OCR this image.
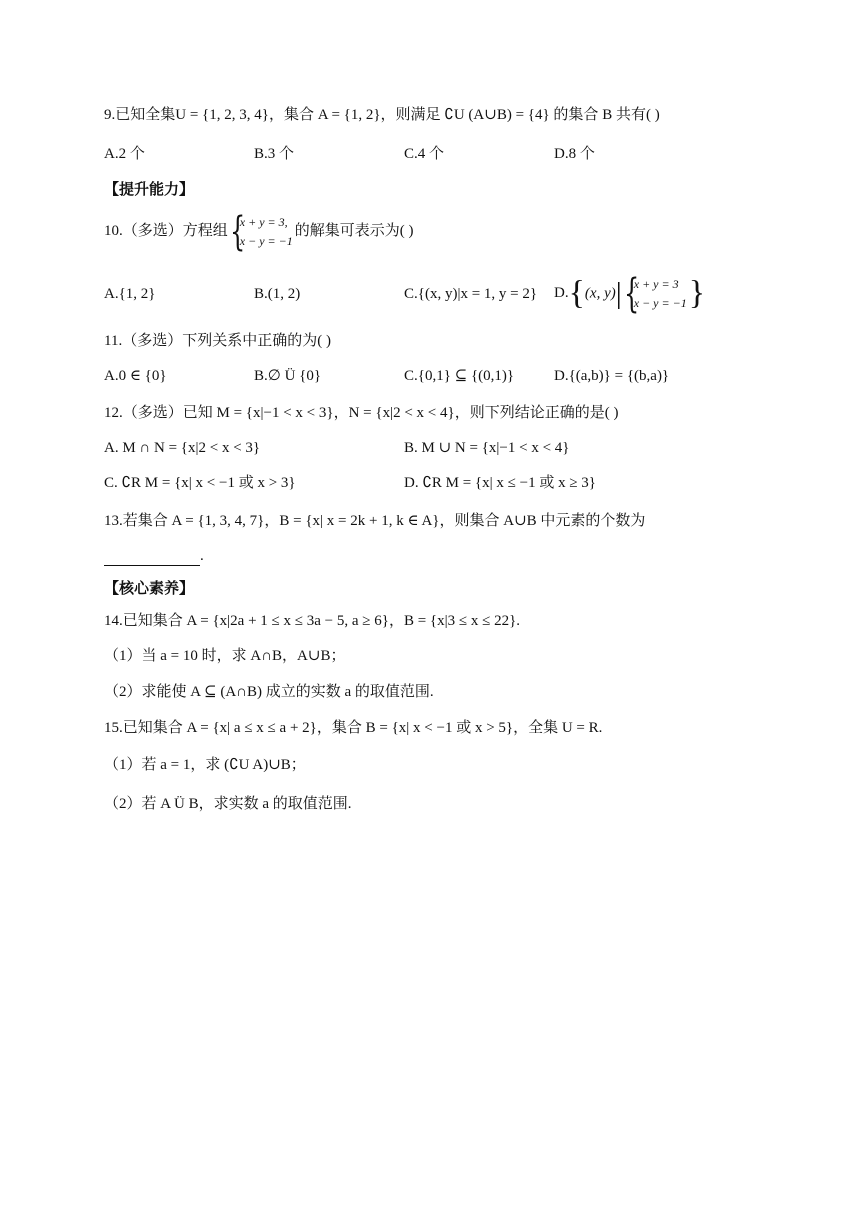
9.已知全集U = {1, 2, 3, 4}，集合 A = {1, 2}，则满足 ∁U (A∪B) = {4} 的集合 B 共有( )
A.2 个	B.3 个	C.4 个	D.8 个
【提升能力】
10.（多选）方程组 {
x + y = 3,
x − y = −1
的解集可表示为( )
A.{1, 2}	B.(1, 2)	C.{(x, y)|x = 1, y = 2} D.{(x, y)| {
x + y = 3
x − y = −1 }
11.（多选）下列关系中正确的为( )
A.0 ∈ {0}	B.∅ Ü {0}	C.{0,1} ⊆ {(0,1)}	D.{(a,b)} = {(b,a)}
12.（多选）已知 M = {x|−1 < x < 3}，N = {x|2 < x < 4}，则下列结论正确的是( )
A. M ∩ N = {x|2 < x < 3}	B. M ∪ N = {x|−1 < x < 4}
C. ∁R M = {x| x < −1 或 x > 3}	D. ∁R M = {x| x ≤ −1 或 x ≥ 3}
13.若集合 A = {1, 3, 4, 7}，B = {x| x = 2k + 1, k ∈ A}，则集合 A∪B 中元素的个数为
.
【核心素养】
14.已知集合 A = {x|2a + 1 ≤ x ≤ 3a − 5, a ≥ 6}，B = {x|3 ≤ x ≤ 22}.
（1）当 a = 10 时，求 A∩B，A∪B；
（2）求能使 A ⊆ (A∩B) 成立的实数 a 的取值范围.
15.已知集合 A = {x| a ≤ x ≤ a + 2}，集合 B = {x| x < −1 或 x > 5}，全集 U = R.
（1）若 a = 1，求 (∁U A)∪B；
（2）若 A Ü B，求实数 a 的取值范围.
